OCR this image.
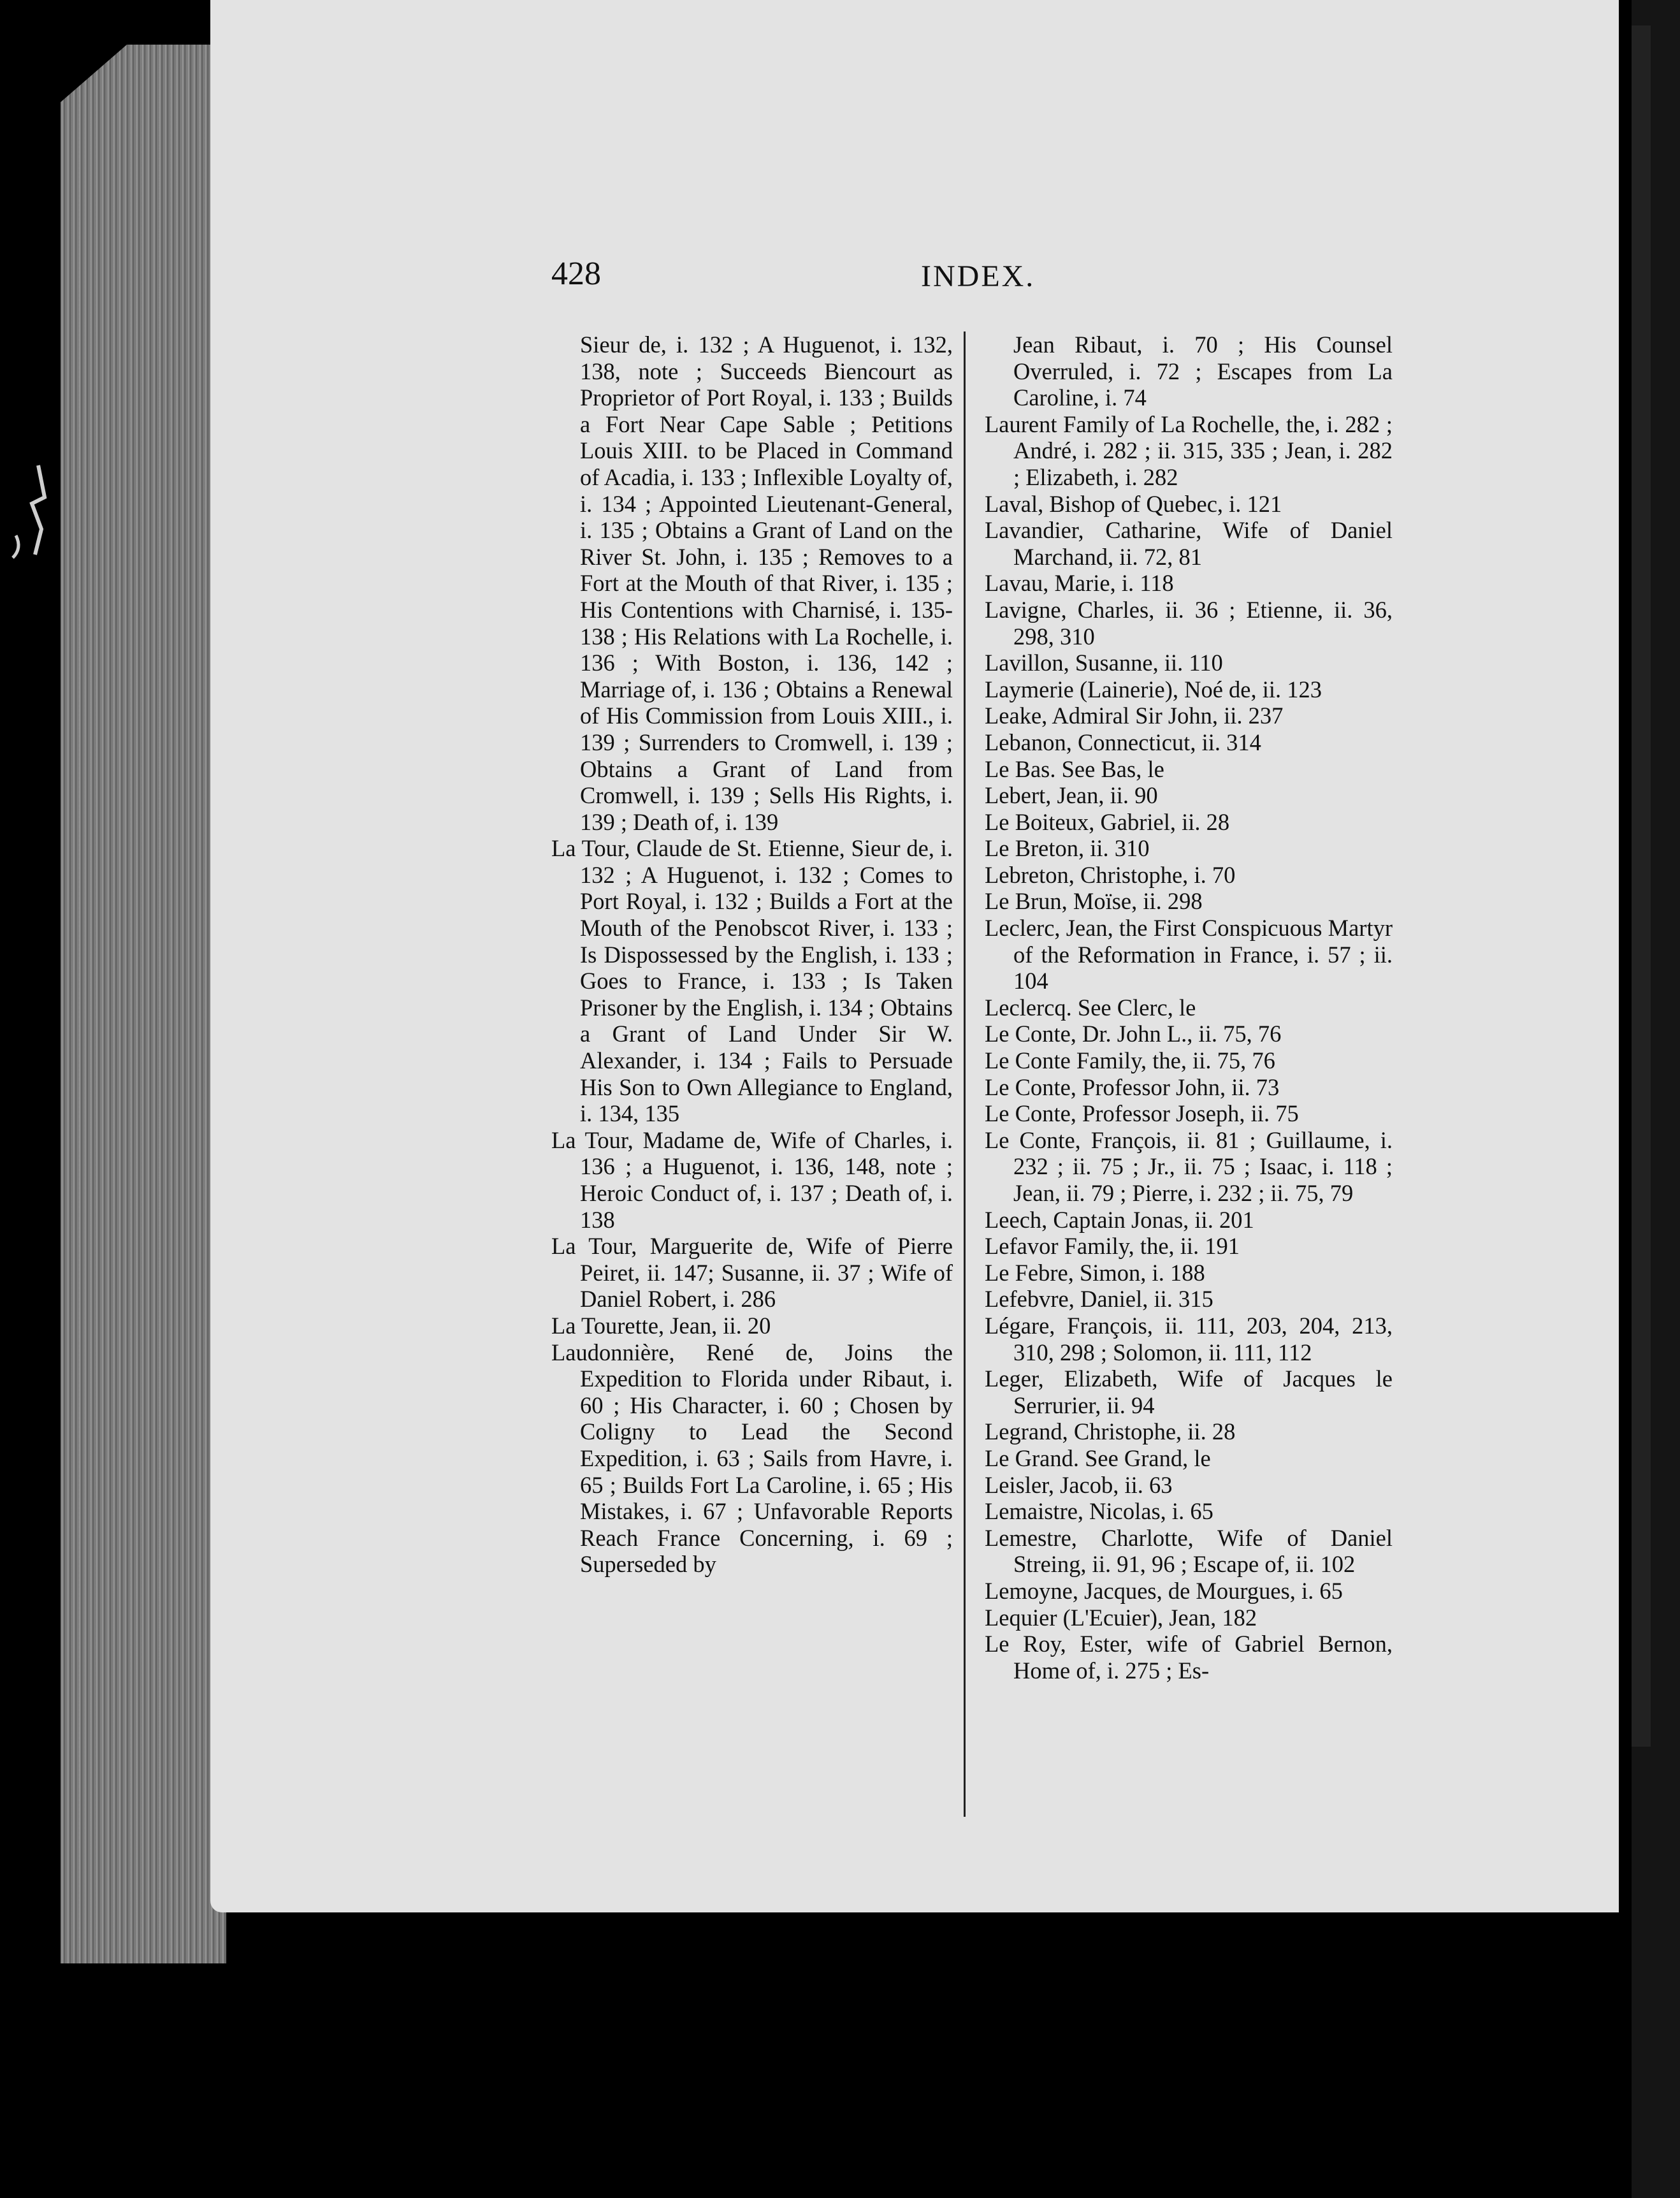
428	INDEX.
Sieur de, i. 132 ; A Huguenot, i. 132, 138, note ; Succeeds Biencourt as Proprietor of Port Royal, i. 133 ; Builds a Fort Near Cape Sable ; Petitions Louis XIII. to be Placed in Command of Acadia, i. 133 ; Inflexible Loyalty of, i. 134 ; Appointed Lieutenant-General, i. 135 ; Obtains a Grant of Land on the River St. John, i. 135 ; Removes to a Fort at the Mouth of that River, i. 135 ; His Contentions with Charnisé, i. 135-138 ; His Relations with La Rochelle, i. 136 ; With Boston, i. 136, 142 ; Marriage of, i. 136 ; Obtains a Renewal of His Commission from Louis XIII., i. 139 ; Surrenders to Cromwell, i. 139 ; Obtains a Grant of Land from Cromwell, i. 139 ; Sells His Rights, i. 139 ; Death of, i. 139
La Tour, Claude de St. Etienne, Sieur de, i. 132 ; A Huguenot, i. 132 ; Comes to Port Royal, i. 132 ; Builds a Fort at the Mouth of the Penobscot River, i. 133 ; Is Dispossessed by the English, i. 133 ; Goes to France, i. 133 ; Is Taken Prisoner by the English, i. 134 ; Obtains a Grant of Land Under Sir W. Alexander, i. 134 ; Fails to Persuade His Son to Own Allegiance to England, i. 134, 135
La Tour, Madame de, Wife of Charles, i. 136 ; a Huguenot, i. 136, 148, note ; Heroic Conduct of, i. 137 ; Death of, i. 138
La Tour, Marguerite de, Wife of Pierre Peiret, ii. 147; Susanne, ii. 37 ; Wife of Daniel Robert, i. 286
La Tourette, Jean, ii. 20
Laudonnière, René de, Joins the Expedition to Florida under Ribaut, i. 60 ; His Character, i. 60 ; Chosen by Coligny to Lead the Second Expedition, i. 63 ; Sails from Havre, i. 65 ; Builds Fort La Caroline, i. 65 ; His Mistakes, i. 67 ; Unfavorable Reports Reach France Concerning, i. 69 ; Superseded by
Jean Ribaut, i. 70 ; His Counsel Overruled, i. 72 ; Escapes from La Caroline, i. 74
Laurent Family of La Rochelle, the, i. 282 ; André, i. 282 ; ii. 315, 335 ; Jean, i. 282 ; Elizabeth, i. 282
Laval, Bishop of Quebec, i. 121
Lavandier, Catharine, Wife of Daniel Marchand, ii. 72, 81
Lavau, Marie, i. 118
Lavigne, Charles, ii. 36 ; Etienne, ii. 36, 298, 310
Lavillon, Susanne, ii. 110
Laymerie (Lainerie), Noé de, ii. 123
Leake, Admiral Sir John, ii. 237
Lebanon, Connecticut, ii. 314
Le Bas. See Bas, le
Lebert, Jean, ii. 90
Le Boiteux, Gabriel, ii. 28
Le Breton, ii. 310
Lebreton, Christophe, i. 70
Le Brun, Moïse, ii. 298
Leclerc, Jean, the First Conspicuous Martyr of the Reformation in France, i. 57 ; ii. 104
Leclercq. See Clerc, le
Le Conte, Dr. John L., ii. 75, 76
Le Conte Family, the, ii. 75, 76
Le Conte, Professor John, ii. 73
Le Conte, Professor Joseph, ii. 75
Le Conte, François, ii. 81 ; Guillaume, i. 232 ; ii. 75 ; Jr., ii. 75 ; Isaac, i. 118 ; Jean, ii. 79 ; Pierre, i. 232 ; ii. 75, 79
Leech, Captain Jonas, ii. 201
Lefavor Family, the, ii. 191
Le Febre, Simon, i. 188
Lefebvre, Daniel, ii. 315
Légare, François, ii. 111, 203, 204, 213, 310, 298 ; Solomon, ii. 111, 112
Leger, Elizabeth, Wife of Jacques le Serrurier, ii. 94
Legrand, Christophe, ii. 28
Le Grand. See Grand, le
Leisler, Jacob, ii. 63
Lemaistre, Nicolas, i. 65
Lemestre, Charlotte, Wife of Daniel Streing, ii. 91, 96 ; Escape of, ii. 102
Lemoyne, Jacques, de Mourgues, i. 65
Lequier (L'Ecuier), Jean, 182
Le Roy, Ester, wife of Gabriel Bernon, Home of, i. 275 ; Es-
